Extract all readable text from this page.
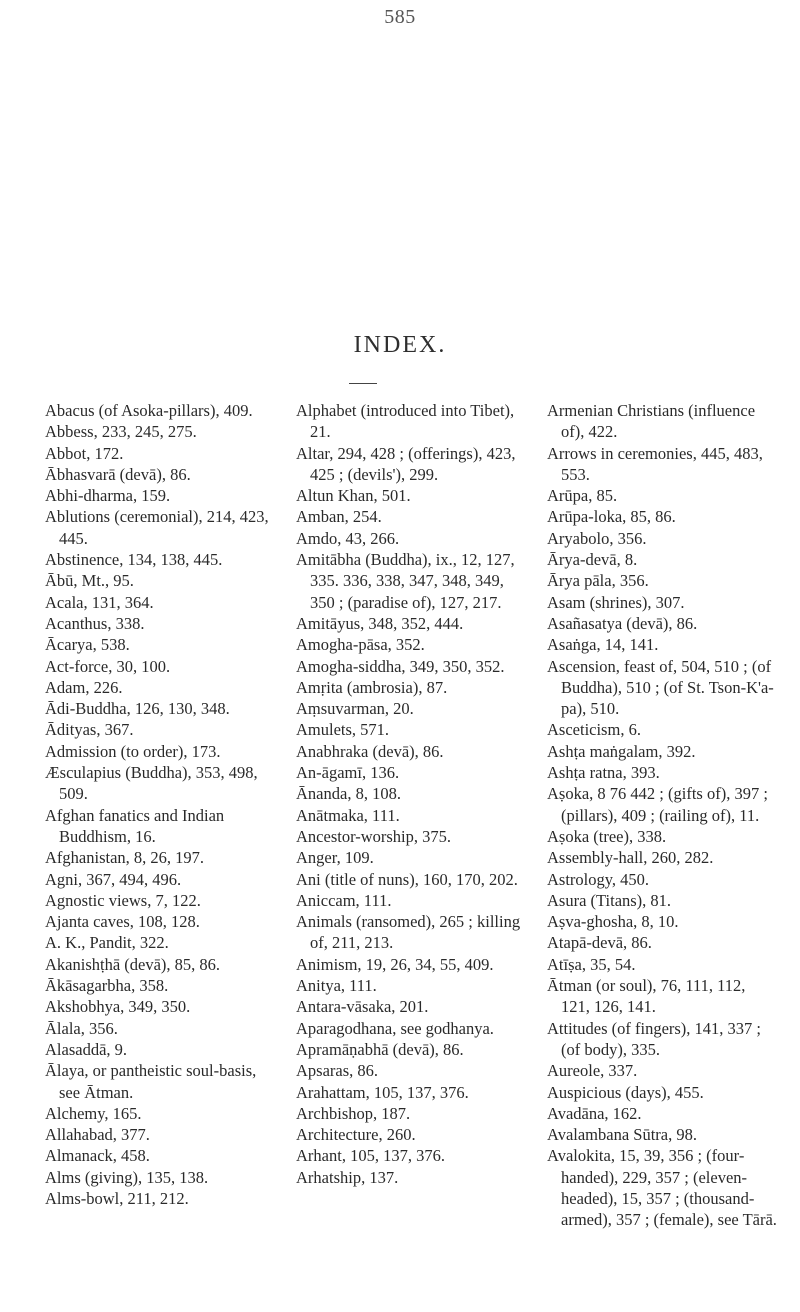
585
INDEX.

Abacus (of Asoka-pillars), 409.

Abbess, 233, 245, 275.

Abbot, 172.

Ābhasvarā (devā), 86.

Abhi-dharma, 159.

Ablutions (ceremonial), 214, 423, 445.

Abstinence, 134, 138, 445.

Ābū, Mt., 95.

Acala, 131, 364.

Acanthus, 338.

Ācarya, 538.

Act-force, 30, 100.

Adam, 226.

Ādi-Buddha, 126, 130, 348.

Ādityas, 367.

Admission (to order), 173.

Æsculapius (Buddha), 353, 498, 509.

Afghan fanatics and Indian Buddhism, 16.

Afghanistan, 8, 26, 197.

Agni, 367, 494, 496.

Agnostic views, 7, 122.

Ajanta caves, 108, 128.

A. K., Pandit, 322.

Akanishṭhā (devā), 85, 86.

Ākāsagarbha, 358.

Akshobhya, 349, 350.

Ālala, 356.

Alasaddā, 9.

Ālaya, or pantheistic soul-basis, see Ātman.

Alchemy, 165.

Allahabad, 377.

Almanack, 458.

Alms (giving), 135, 138.

Alms-bowl, 211, 212.

Alphabet (introduced into Tibet), 21.

Altar, 294, 428 ; (offerings), 423, 425 ; (devils'), 299.

Altun Khan, 501.

Amban, 254.

Amdo, 43, 266.

Amitābha (Buddha), ix., 12, 127, 335. 336, 338, 347, 348, 349, 350 ; (paradise of), 127, 217.

Amitāyus, 348, 352, 444.

Amogha-pāsa, 352.

Amogha-siddha, 349, 350, 352.

Amṛita (ambrosia), 87.

Aṃsuvarman, 20.

Amulets, 571.

Anabhraka (devā), 86.

An-āgamī, 136.

Ānanda, 8, 108.

Anātmaka, 111.

Ancestor-worship, 375.

Anger, 109.

Ani (title of nuns), 160, 170, 202.

Aniccam, 111.

Animals (ransomed), 265 ; killing of, 211, 213.

Animism, 19, 26, 34, 55, 409.

Anitya, 111.

Antara-vāsaka, 201.

Aparagodhana, see godhanya.

Apramāṇabhā (devā), 86.

Apsaras, 86.

Arahattam, 105, 137, 376.

Archbishop, 187.

Architecture, 260.

Arhant, 105, 137, 376.

Arhatship, 137.

Armenian Christians (influence of), 422.

Arrows in ceremonies, 445, 483, 553.

Arūpa, 85.

Arūpa-loka, 85, 86.

Aryabolo, 356.

Ārya-devā, 8.

Ārya pāla, 356.

Asam (shrines), 307.

Asañasatya (devā), 86.

Asaṅga, 14, 141.

Ascension, feast of, 504, 510 ; (of Buddha), 510 ; (of St. Tson-K'a-pa), 510.

Asceticism, 6.

Ashṭa maṅgalam, 392.

Ashṭa ratna, 393.

Aṣoka, 8 76 442 ; (gifts of), 397 ; (pillars), 409 ; (railing of), 11.

Aṣoka (tree), 338.

Assembly-hall, 260, 282.

Astrology, 450.

Asura (Titans), 81.

Aṣva-ghosha, 8, 10.

Atapā-devā, 86.

Atīṣa, 35, 54.

Ātman (or soul), 76, 111, 112, 121, 126, 141.

Attitudes (of fingers), 141, 337 ; (of body), 335.

Aureole, 337.

Auspicious (days), 455.

Avadāna, 162.

Avalambana Sūtra, 98.

Avalokita, 15, 39, 356 ; (four-handed), 229, 357 ; (eleven-headed), 15, 357 ; (thousand-armed), 357 ; (female), see Tārā.
